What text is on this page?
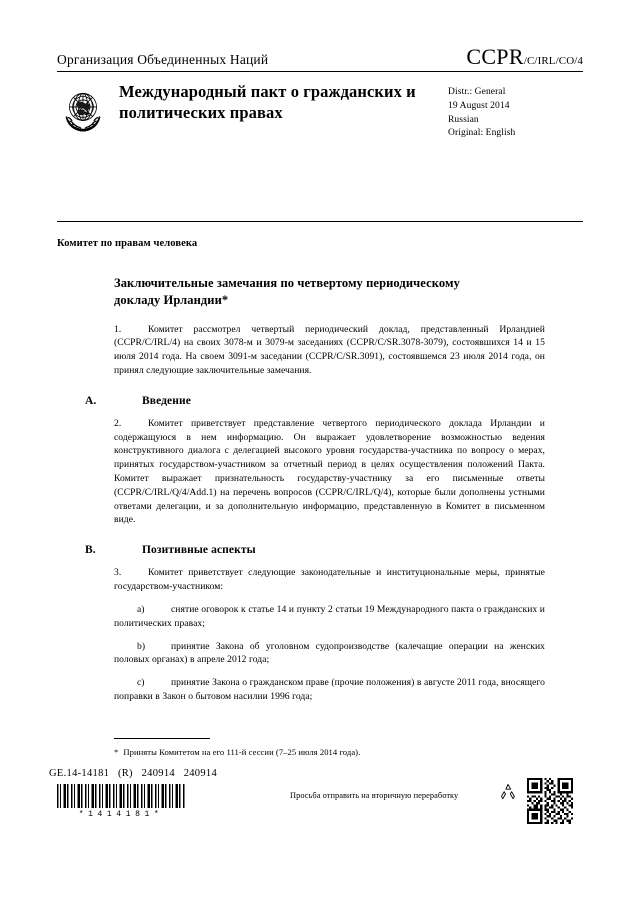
Организация Объединенных Наций	CCPR/C/IRL/CO/4
Международный пакт о гражданских и политических правах
Distr.: General
19 August 2014
Russian
Original: English
Комитет по правам человека
Заключительные замечания по четвертому периодическому докладу Ирландии*

1.	Комитет рассмотрел четвертый периодический доклад, представленный Ирландией (CCPR/C/IRL/4) на своих 3078-м и 3079-м заседаниях (CCPR/C/SR.3078-3079), состоявшихся 14 и 15 июля 2014 года. На своем 3091-м заседании (CCPR/C/SR.3091), состоявшемся 23 июля 2014 года, он принял следующие заключительные замечания.

A.	Введение

2.	Комитет приветствует представление четвертого периодического доклада Ирландии и содержащуюся в нем информацию. Он выражает удовлетворение возможностью ведения конструктивного диалога с делегацией высокого уровня государства-участника по вопросу о мерах, принятых государством-участником за отчетный период в целях осуществления положений Пакта. Комитет выражает признательность государству-участнику за его письменные ответы (CCPR/C/IRL/Q/4/Add.1) на перечень вопросов (CCPR/C/IRL/Q/4), которые были дополнены устными ответами делегации, и за дополнительную информацию, представленную в Комитет в письменном виде.

B.	Позитивные аспекты

3.	Комитет приветствует следующие законодательные и институциональные меры, принятые государством-участником:

a)	снятие оговорок к статье 14 и пункту 2 статьи 19 Международного пакта о гражданских и политических правах;

b)	принятие Закона об уголовном судопроизводстве (калечащие операции на женских половых органах) в апреле 2012 года;

c)	принятие Закона о гражданском праве (прочие положения) в августе 2011 года, вносящего поправки в Закон о бытовом насилии 1996 года;

* Приняты Комитетом на его 111-й сессии (7–25 июля 2014 года).
GE.14-14181   (R)   240914   240914
*1414181*
Просьба отправить на вторичную переработку
